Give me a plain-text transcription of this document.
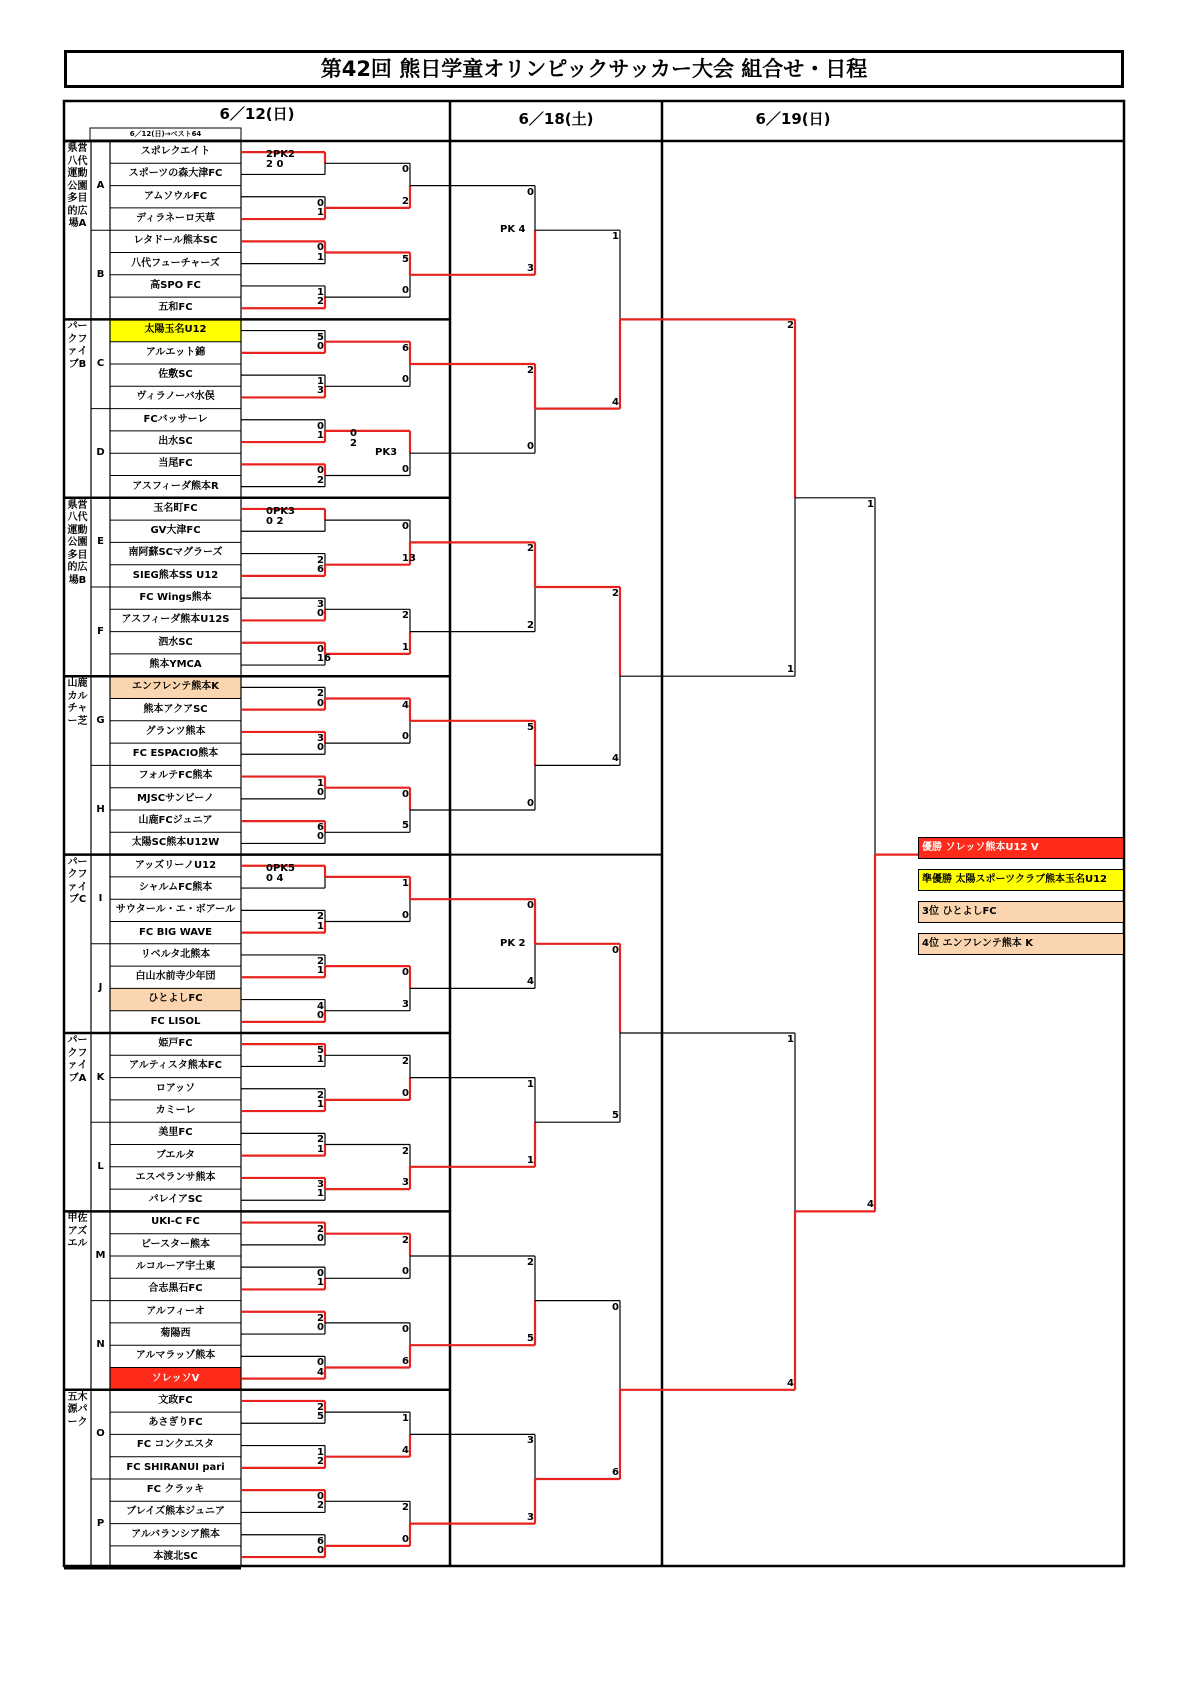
第42回 熊日学童オリンピックサッカー大会 組合せ・日程
6／12(日)
6／12(日)→ベスト64
6／18(土)	6／19(日)
スポレクエイト
スポーツの森大津FC
アムソウルFC
ディラネーロ天草
レタドール熊本SC
八代フューチャーズ
高SPO FC
五和FC
太陽玉名U12
アルエット錦
佐敷SC
ヴィラノーバ水俣
FCバッサーレ
出水SC
当尾FC
アスフィーダ熊本R
玉名町FC
GV大津FC
南阿蘇SCマグラーズ
SIEG熊本SS U12
FC Wings熊本
アスフィーダ熊本U12S
泗水SC
熊本YMCA
エンフレンテ熊本K
熊本アクアSC
グランツ熊本
FC ESPACIO熊本
フォルテFC熊本
MJSCサンビーノ
山鹿FCジュニア
太陽SC熊本U12W
アッズリーノU12
シャルムFC熊本
サウタール・エ・ボアール
FC BIG WAVE
リベルタ北熊本
白山水前寺少年団
ひとよしFC
FC LISOL
姫戸FC
アルティスタ熊本FC
ロアッソ
カミーレ
美里FC
ブエルタ
エスペランサ熊本
パレイアSC
UKI-C FC
ビースター熊本
ルコルーア宇土東
合志黒石FC
アルフィーオ
菊陽西
アルマラッゾ熊本
ソレッソV
文政FC
あさぎりFC
FC コンクエスタ
FC SHIRANUI pari
FC クラッキ
ブレイズ熊本ジュニア
アルバランシア熊本
本渡北SC
県営八代運動公園多目的広場A
A
B
パークファイブB	C
D
県営八代運動公園多目的広場B
E
F
山鹿カルチャー芝 G
H
パークファイブC	I
J
パークファイブA	K
L
甲佐アズエル
M
N
五木源パーク
O
P
2PK2
2 0
0
1
0
1
1
2
5
0
1
3
0
1
0
2
0PK3
0 2
2
6
3
0
0
16
2
0
3
0
1
0
6
0
0PK5
0 4
2
1
2
1
4
0
5
1
2
1
2
1
3
1
2
0
0
1
2
0
0
4
2
5
1
2
0
2
6
0
0
2
5
0
6
0
0
2
0
PK3
0
13
2
1
4
0
0
5
1
0
0
3
2
0
2
3
2
0
0
6
1
4
2
0
0
3
PK 4
2
0
2
2
5
0
0
4
PK 2
1
1
2
5
3
3
1
4
2
4
0
5
0
6
2
1
1
4
1
4
優勝 ソレッソ熊本U12 V
準優勝 太陽スポーツクラブ熊本玉名U12
3位 ひとよしFC
4位 エンフレンテ熊本 K
